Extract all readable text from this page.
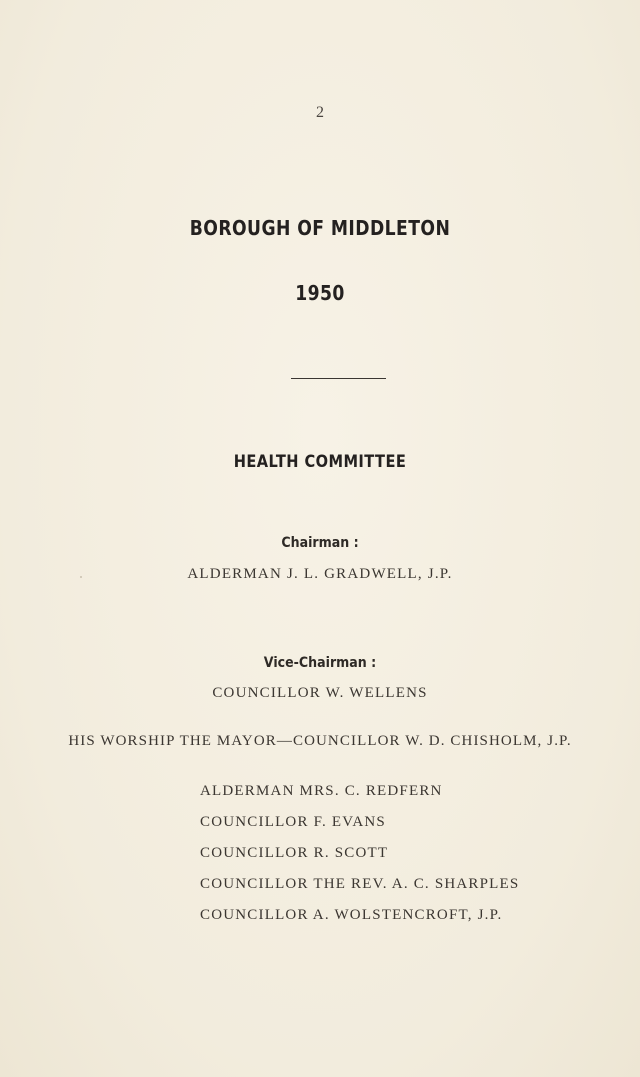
2
BOROUGH OF MIDDLETON
1950
HEALTH COMMITTEE
Chairman :
ALDERMAN J. L. GRADWELL, J.P.
Vice-Chairman :
COUNCILLOR W. WELLENS
HIS WORSHIP THE MAYOR—COUNCILLOR W. D. CHISHOLM, J.P.
ALDERMAN MRS. C. REDFERN
COUNCILLOR F. EVANS
COUNCILLOR R. SCOTT
COUNCILLOR THE REV. A. C. SHARPLES
COUNCILLOR A. WOLSTENCROFT, J.P.
